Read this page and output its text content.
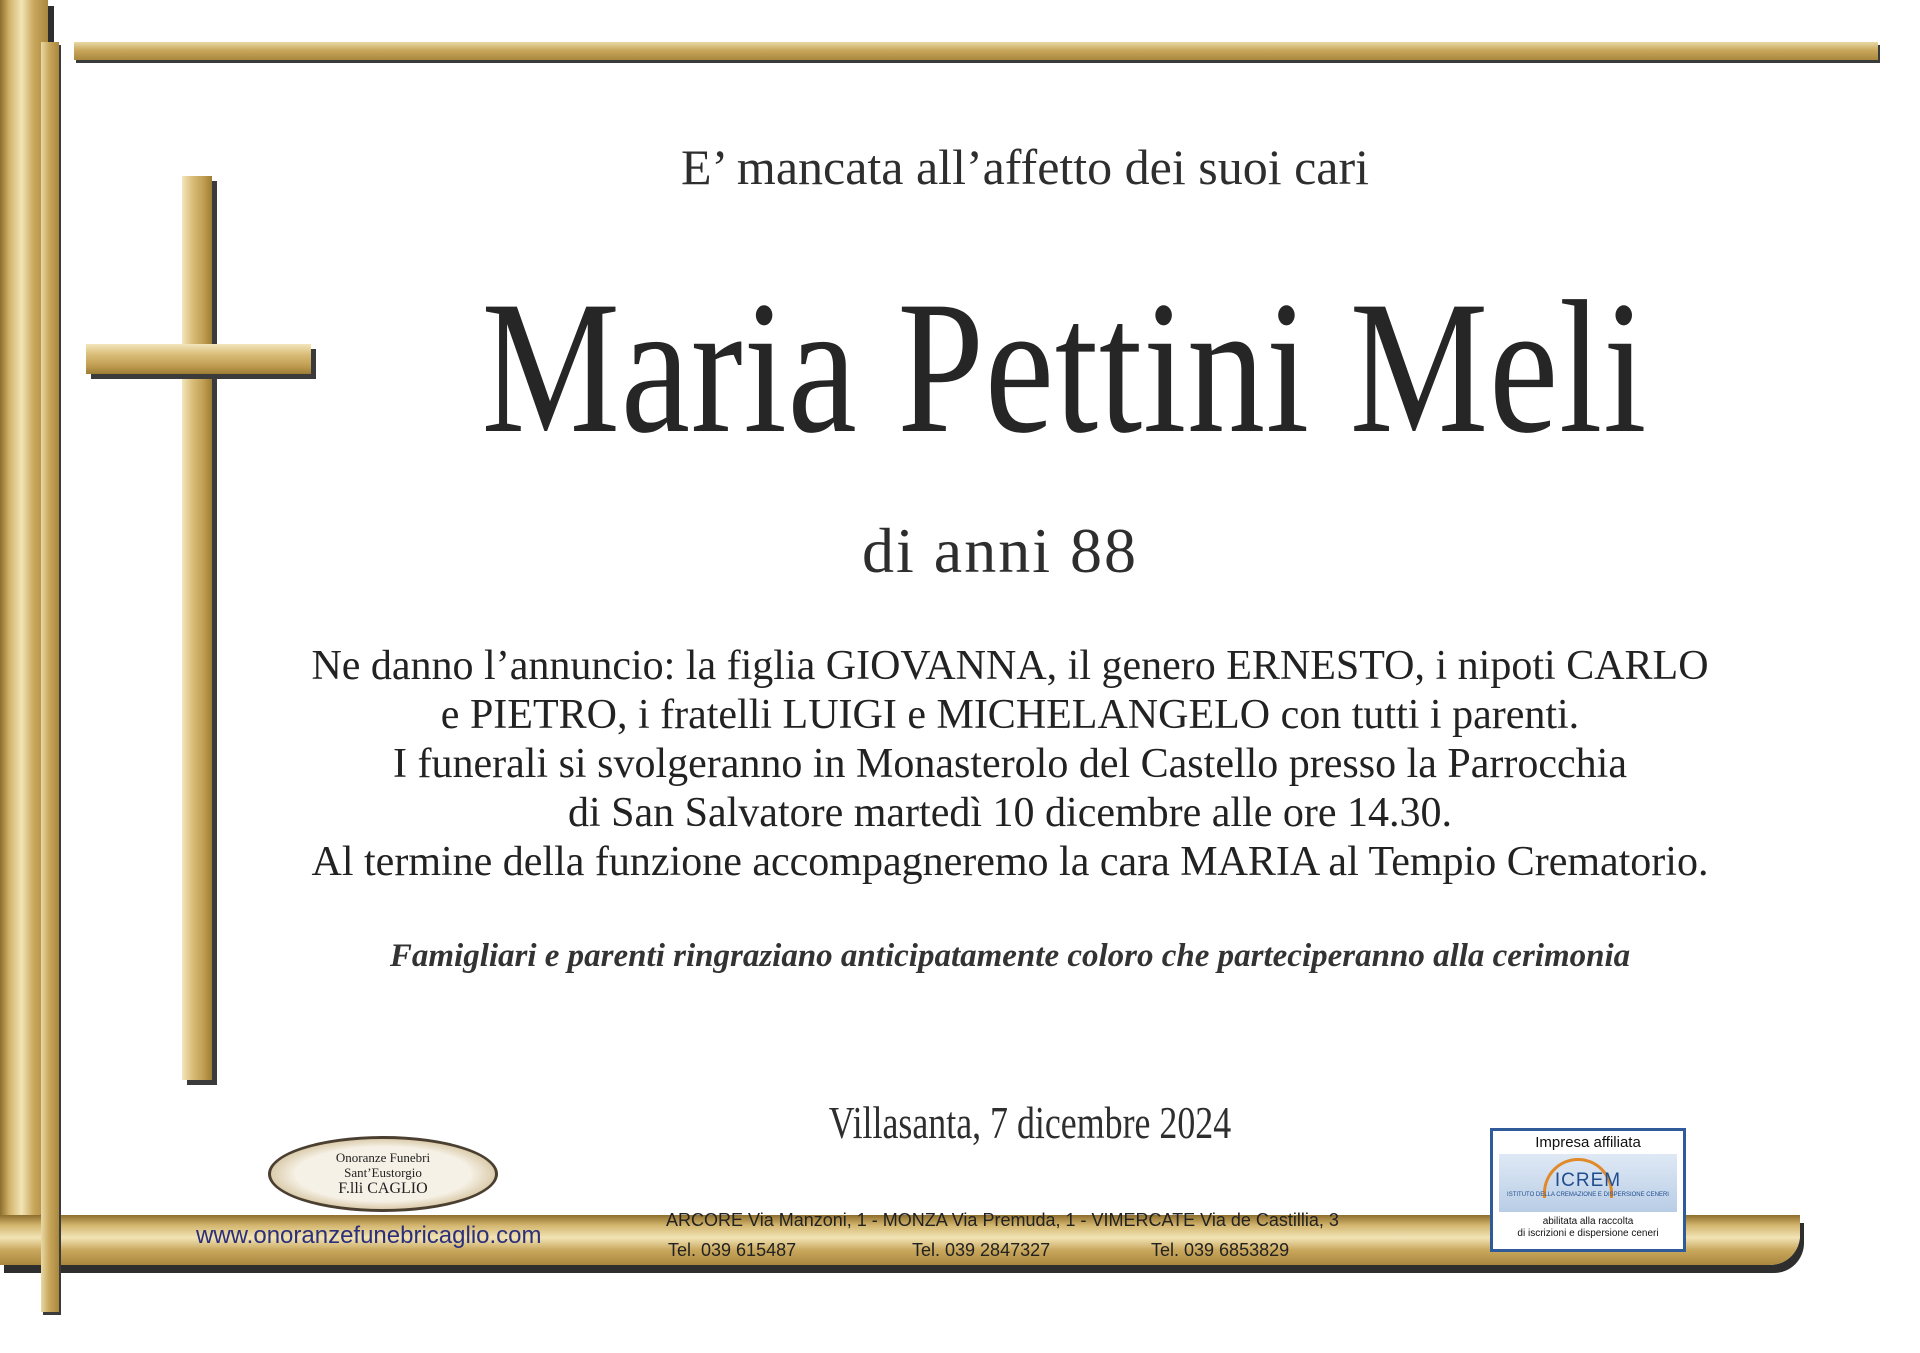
E’ mancata all’affetto dei suoi cari
Maria Pettini Meli
di anni 88
Ne danno l’annuncio: la figlia GIOVANNA, il genero ERNESTO, i nipoti CARLO
e PIETRO, i fratelli LUIGI e MICHELANGELO con tutti i parenti.
I funerali si svolgeranno in Monasterolo del Castello presso la Parrocchia
di San Salvatore martedì 10 dicembre alle ore 14.30.
Al termine della funzione accompagneremo la cara MARIA al Tempio Crematorio.
Famigliari e parenti ringraziano anticipatamente coloro che parteciperanno alla cerimonia
Villasanta, 7 dicembre 2024
Onoranze Funebri
Sant’Eustorgio
F.lli CAGLIO
www.onoranzefunebricaglio.com
ARCORE Via Manzoni, 1 - MONZA Via Premuda, 1 - VIMERCATE Via de Castillia, 3
Tel. 039 615487	Tel. 039 2847327	Tel. 039 6853829
Impresa affiliata
ICREM
ISTITUTO DELLA CREMAZIONE E DISPERSIONE CENERI
abilitata alla raccolta
di iscrizioni e dispersione ceneri
